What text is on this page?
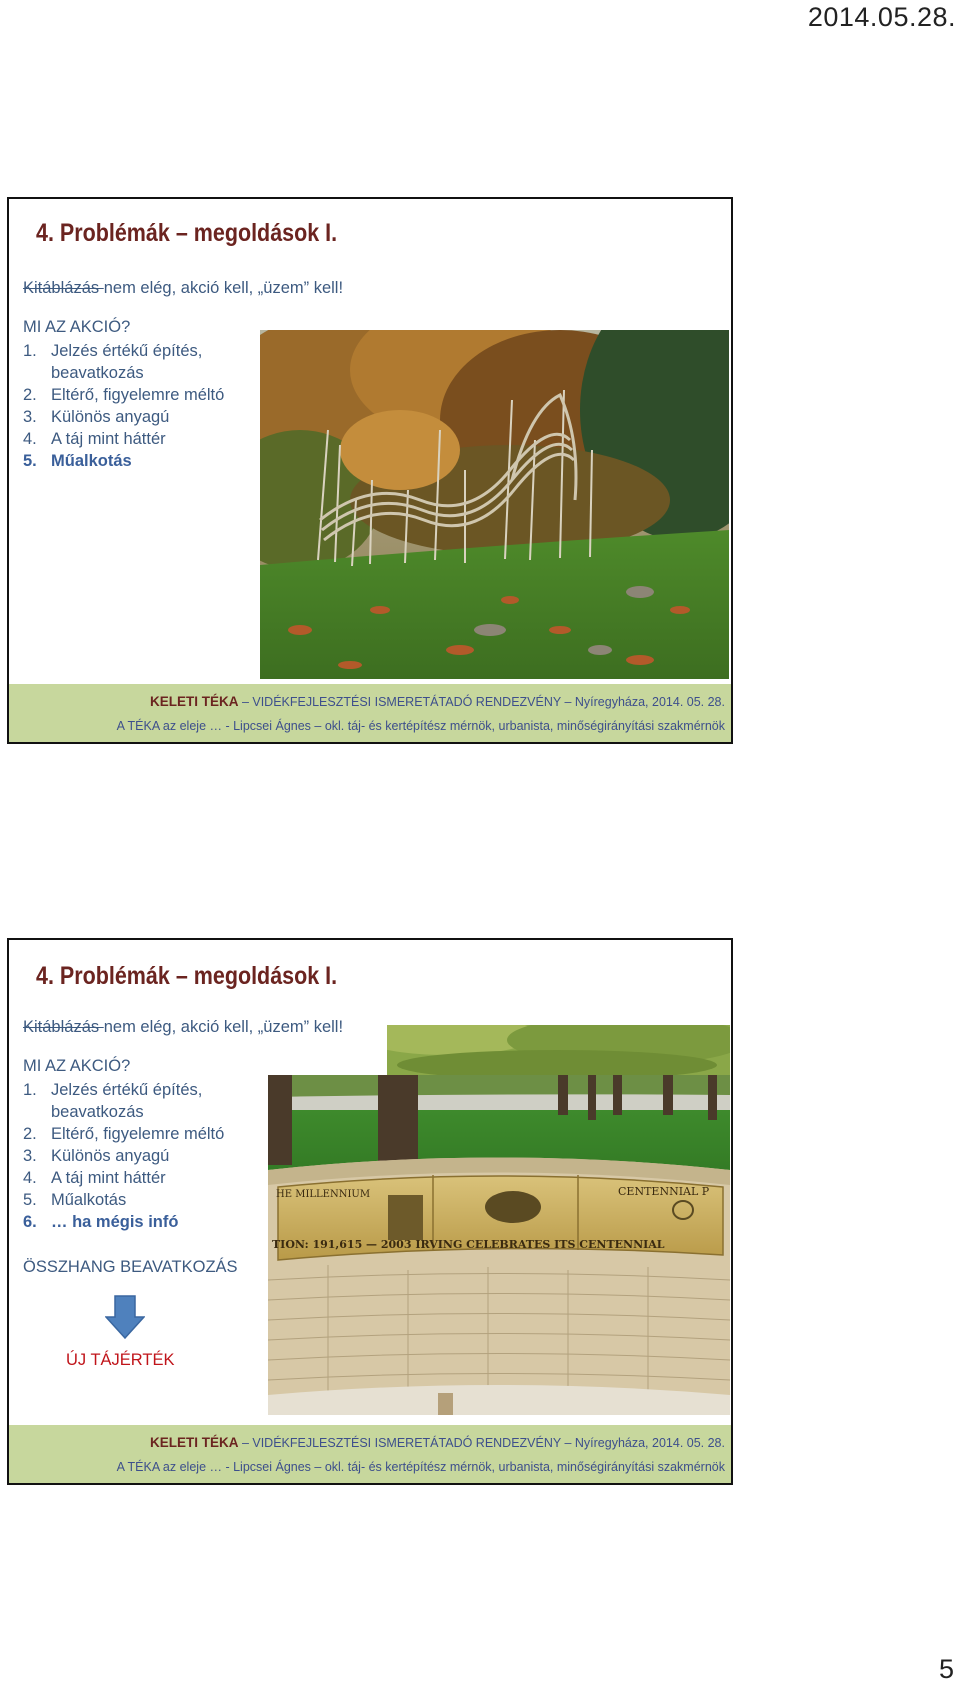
2014.05.28.
4. Problémák – megoldások I.

Kitáblázás nem elég, akció kell, „üzem” kell!

MI AZ AKCIÓ?

1. Jelzés értékű építés,
beavatkozás
2. Eltérő, figyelemre méltó
3. Különös anyagú
4. A táj mint háttér
5. Műalkotás
KELETI TÉKA – VIDÉKFEJLESZTÉSI ISMERETÁTADÓ RENDEZVÉNY – Nyíregyháza, 2014. 05. 28.
A TÉKA az eleje … - Lipcsei Ágnes – okl. táj- és kertépítész mérnök, urbanista, minőségirányítási szakmérnök
4. Problémák – megoldások I.

Kitáblázás nem elég, akció kell, „üzem” kell!

MI AZ AKCIÓ?

1. Jelzés értékű építés,
beavatkozás
2. Eltérő, figyelemre méltó
3. Különös anyagú
4. A táj mint háttér
5. Műalkotás
6. … ha mégis infó

ÖSSZHANG BEAVATKOZÁS

ÚJ TÁJÉRTÉK

HE MILLENNIUM
TION: 191,615 — 2003 IRVING CELEBRATES ITS CENTENNIAL
CENTENNIAL P
KELETI TÉKA – VIDÉKFEJLESZTÉSI ISMERETÁTADÓ RENDEZVÉNY – Nyíregyháza, 2014. 05. 28.
A TÉKA az eleje … - Lipcsei Ágnes – okl. táj- és kertépítész mérnök, urbanista, minőségirányítási szakmérnök
5
